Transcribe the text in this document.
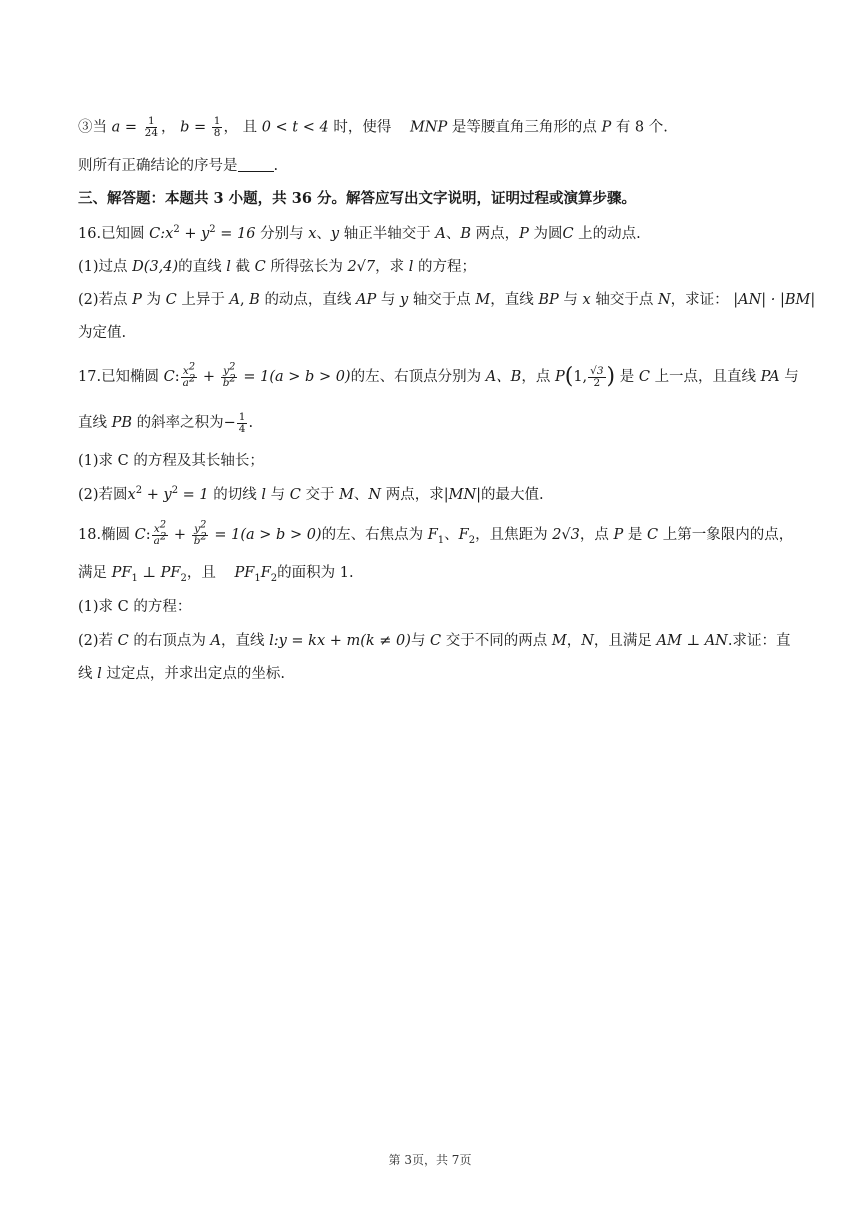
③当 $a = \frac{1}{24}$ ， $b = \frac{1}{8}$ ， 且 0 < t < 4 时，使得 MNP 是等腰直角三角形的点 P 有 8 个.
则所有正确结论的序号是 .
三、解答题：本题共 3 小题，共 36 分。解答应写出文字说明，证明过程或演算步骤。
16.已知圆 $C:x^2 + y^2 = 16$ 分别与 x、y 轴正半轴交于 A、B 两点，P 为圆C 上的动点.
(1)过点 D(3,4)的直线 l 截 C 所得弦长为 2√7，求 l 的方程；
(2)若点 P 为 C 上异于 A, B 的动点，直线 AP 与 y 轴交于点 M，直线 BP 与 x 轴交于点 N，求证： |AN| · |BM|
为定值.
17.已知椭圆 C: $\frac{x2}{a2} + \frac{y2}{b2} = 1(a > b > 0)$的左、右顶点分别为 A、B，点 P(1, $\frac{√3}{2}$ ) 是 C 上一点，且直线 PA 与
直线 PB 的斜率之积为− $\frac{1}{4}$ .
(1)求 C 的方程及其长轴长；
(2)若圆$x^2 + y^2 = 1$ 的切线 l 与 C 交于 M、N 两点，求|MN|的最大值.
18.椭圆 C: $\frac{x2}{a2} + \frac{y2}{b2} = 1(a > b > 0)$的左、右焦点为 $F_1$、$F_2$，且焦距为 2√3，点 P 是 C 上第一象限内的点，
满足 $PF_1$ ⊥ $PF_2$，且 $PF_1F_2$的面积为 1.
(1)求 C 的方程：
(2)若 C 的右顶点为 A，直线 l:y = kx + m(k ≠ 0)与 C 交于不同的两点 M，N，且满足 AM ⊥ AN.求证：直
线 l 过定点，并求出定点的坐标.
第 3页，共 7页
